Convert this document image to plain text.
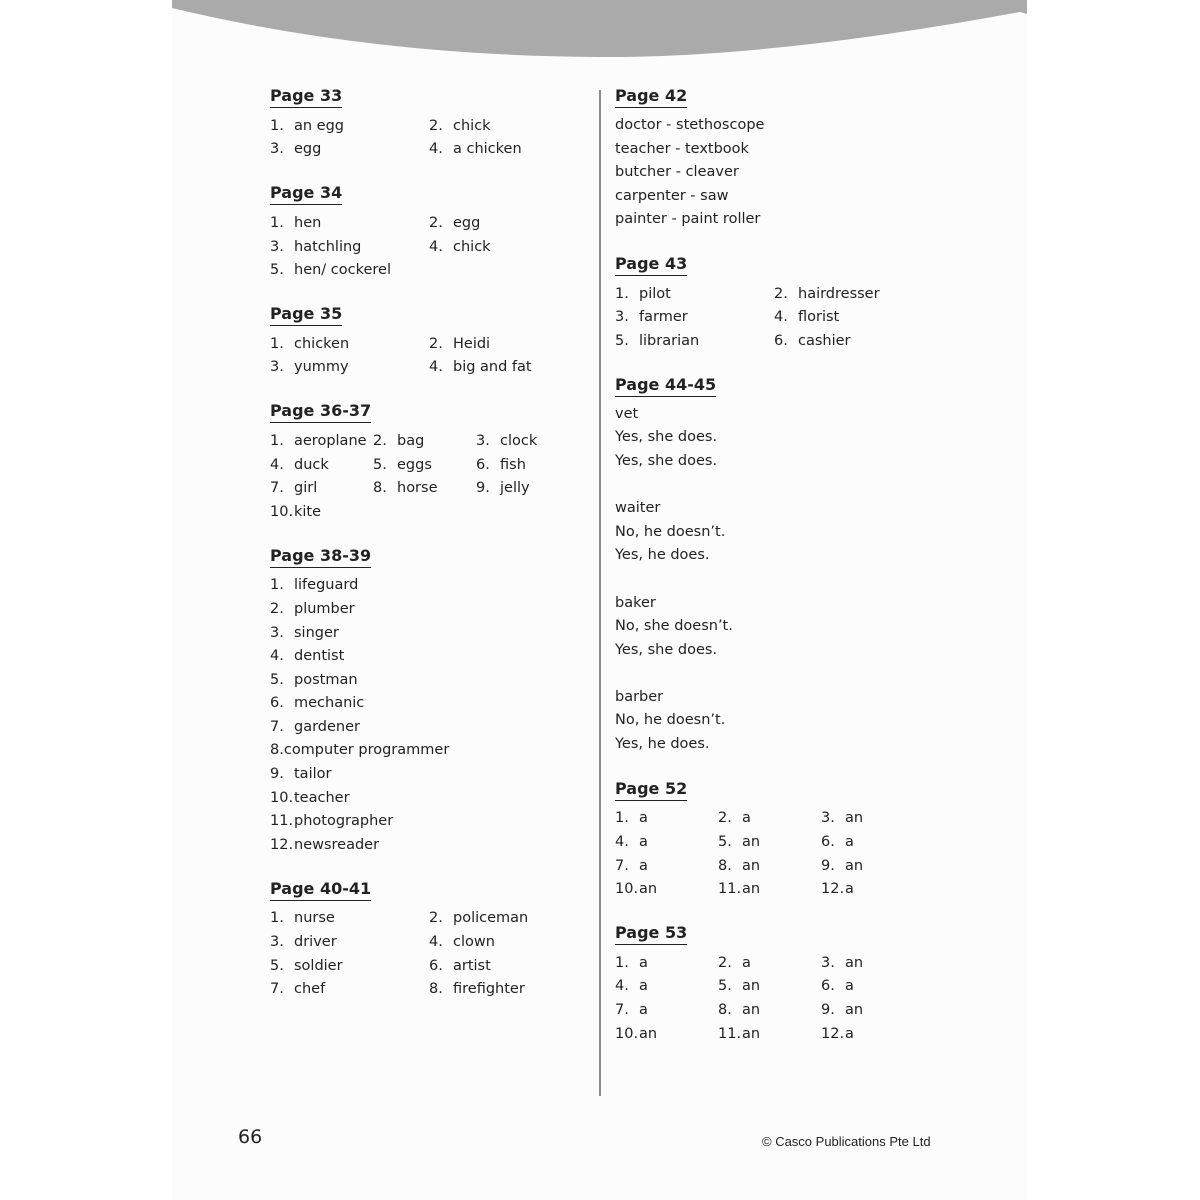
Page 33

1. an egg	2. chick
3. egg	4. a chicken
Page 34

1. hen	2. egg
3. hatchling	4. chick
5. hen/ cockerel
Page 35

1. chicken	2. Heidi
3. yummy	4. big and fat
Page 36-37

1. aeroplane 2. bag	3. clock
4. duck	5. eggs	6. fish
7. girl	8. horse	9. jelly
10. kite
Page 38-39

1. lifeguard
2. plumber
3. singer
4. dentist
5. postman
6. mechanic
7. gardener
8. computer programmer
9. tailor
10. teacher
11. photographer
12. newsreader
Page 40-41

1. nurse	2. policeman
3. driver	4. clown
5. soldier	6. artist
7. chef	8. firefighter
Page 42

doctor - stethoscope
teacher - textbook
butcher - cleaver
carpenter - saw
painter - paint roller
Page 43

1. pilot	2. hairdresser
3. farmer	4. florist
5. librarian	6. cashier
Page 44-45

vet
Yes, she does.
Yes, she does.
waiter
No, he doesn’t.
Yes, he does.
baker
No, she doesn’t.
Yes, she does.
barber
No, he doesn’t.
Yes, he does.
Page 52

1. a	2. a	3. an
4. a	5. an	6. a
7. a	8. an	9. an
10. an	11. an	12. a
Page 53

1. a	2. a	3. an
4. a	5. an	6. a
7. a	8. an	9. an
10. an	11. an	12. a
66	© Casco Publications Pte Ltd
